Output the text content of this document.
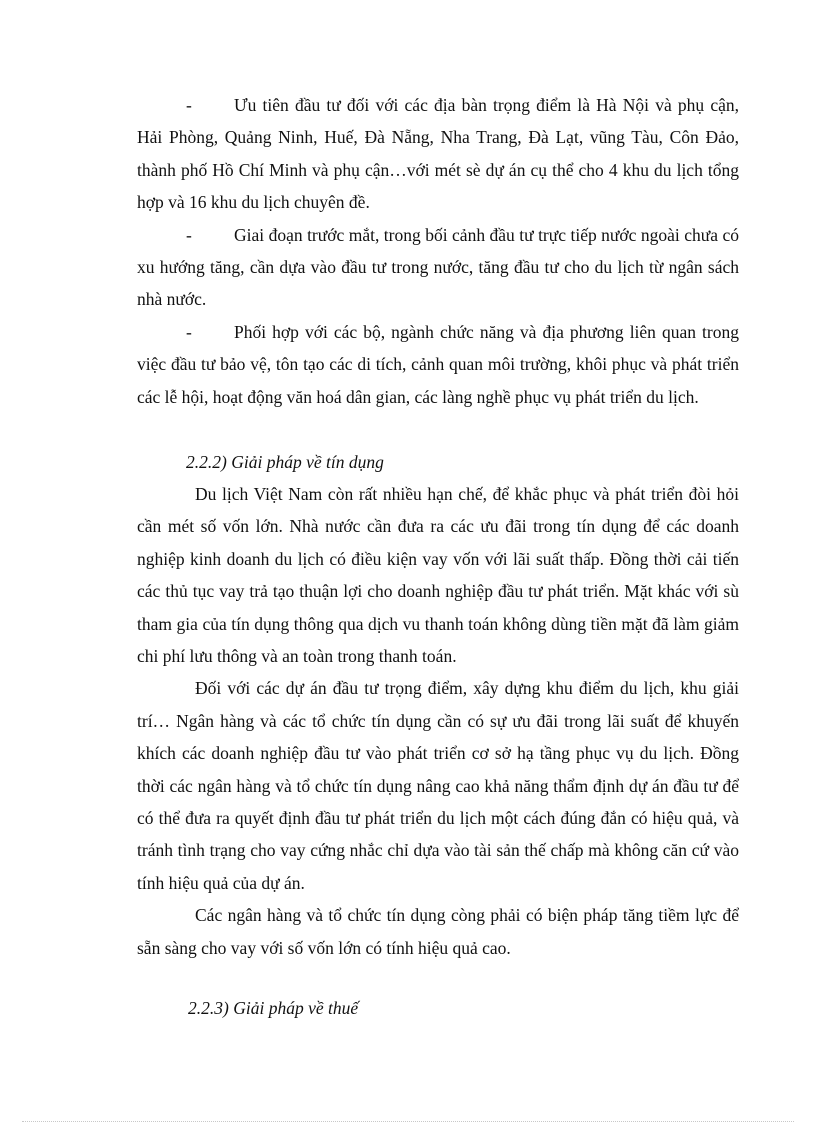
- Ưu tiên đầu tư đối với các địa bàn trọng điểm là Hà Nội và phụ cận, Hải Phòng, Quảng Ninh, Huế, Đà Nẵng, Nha Trang, Đà Lạt, vũng Tàu, Côn Đảo, thành phố Hồ Chí Minh và phụ cận…với mét sè dự án cụ thể cho 4 khu du lịch tổng hợp và 16 khu du lịch chuyên đề.
- Giai đoạn trước mắt, trong bối cảnh đầu tư trực tiếp nước ngoài chưa có xu hướng tăng, cần dựa vào đầu tư trong nước, tăng đầu tư cho du lịch từ ngân sách nhà nước.
- Phối hợp với các bộ, ngành chức năng và địa phương liên quan trong việc đầu tư bảo vệ, tôn tạo các di tích, cảnh quan môi trường, khôi phục và phát triển các lễ hội, hoạt động văn hoá dân gian, các làng nghề phục vụ phát triển du lịch.
2.2.2) Giải pháp về tín dụng
Du lịch Việt Nam còn rất nhiều hạn chế, để khắc phục và phát triển đòi hỏi cần mét số vốn lớn. Nhà nước cần đưa ra các ưu đãi trong tín dụng để các doanh nghiệp kinh doanh du lịch có điều kiện vay vốn với lãi suất thấp. Đồng thời cải tiến các thủ tục vay trả tạo thuận lợi cho doanh nghiệp đầu tư phát triển. Mặt khác với sù tham gia của tín dụng thông qua dịch vu thanh toán không dùng tiền mặt đã làm giảm chi phí lưu thông và an toàn trong thanh toán.
Đối với các dự án đầu tư trọng điểm, xây dựng khu điểm du lịch, khu giải trí… Ngân hàng và các tổ chức tín dụng cần có sự ưu đãi trong lãi suất để khuyến khích các doanh nghiệp đầu tư vào phát triển cơ sở hạ tầng phục vụ du lịch. Đồng thời các ngân hàng và tổ chức tín dụng nâng cao khả năng thẩm định dự án đầu tư để có thể đưa ra quyết định đầu tư phát triển du lịch một cách đúng đắn có hiệu quả, và tránh tình trạng cho vay cứng nhắc chỉ dựa vào tài sản thế chấp mà không căn cứ vào tính hiệu quả của dự án.
Các ngân hàng và tổ chức tín dụng còng phải có biện pháp tăng tiềm lực để sẵn sàng cho vay với số vốn lớn có tính hiệu quả cao.
2.2.3) Giải pháp về thuế
